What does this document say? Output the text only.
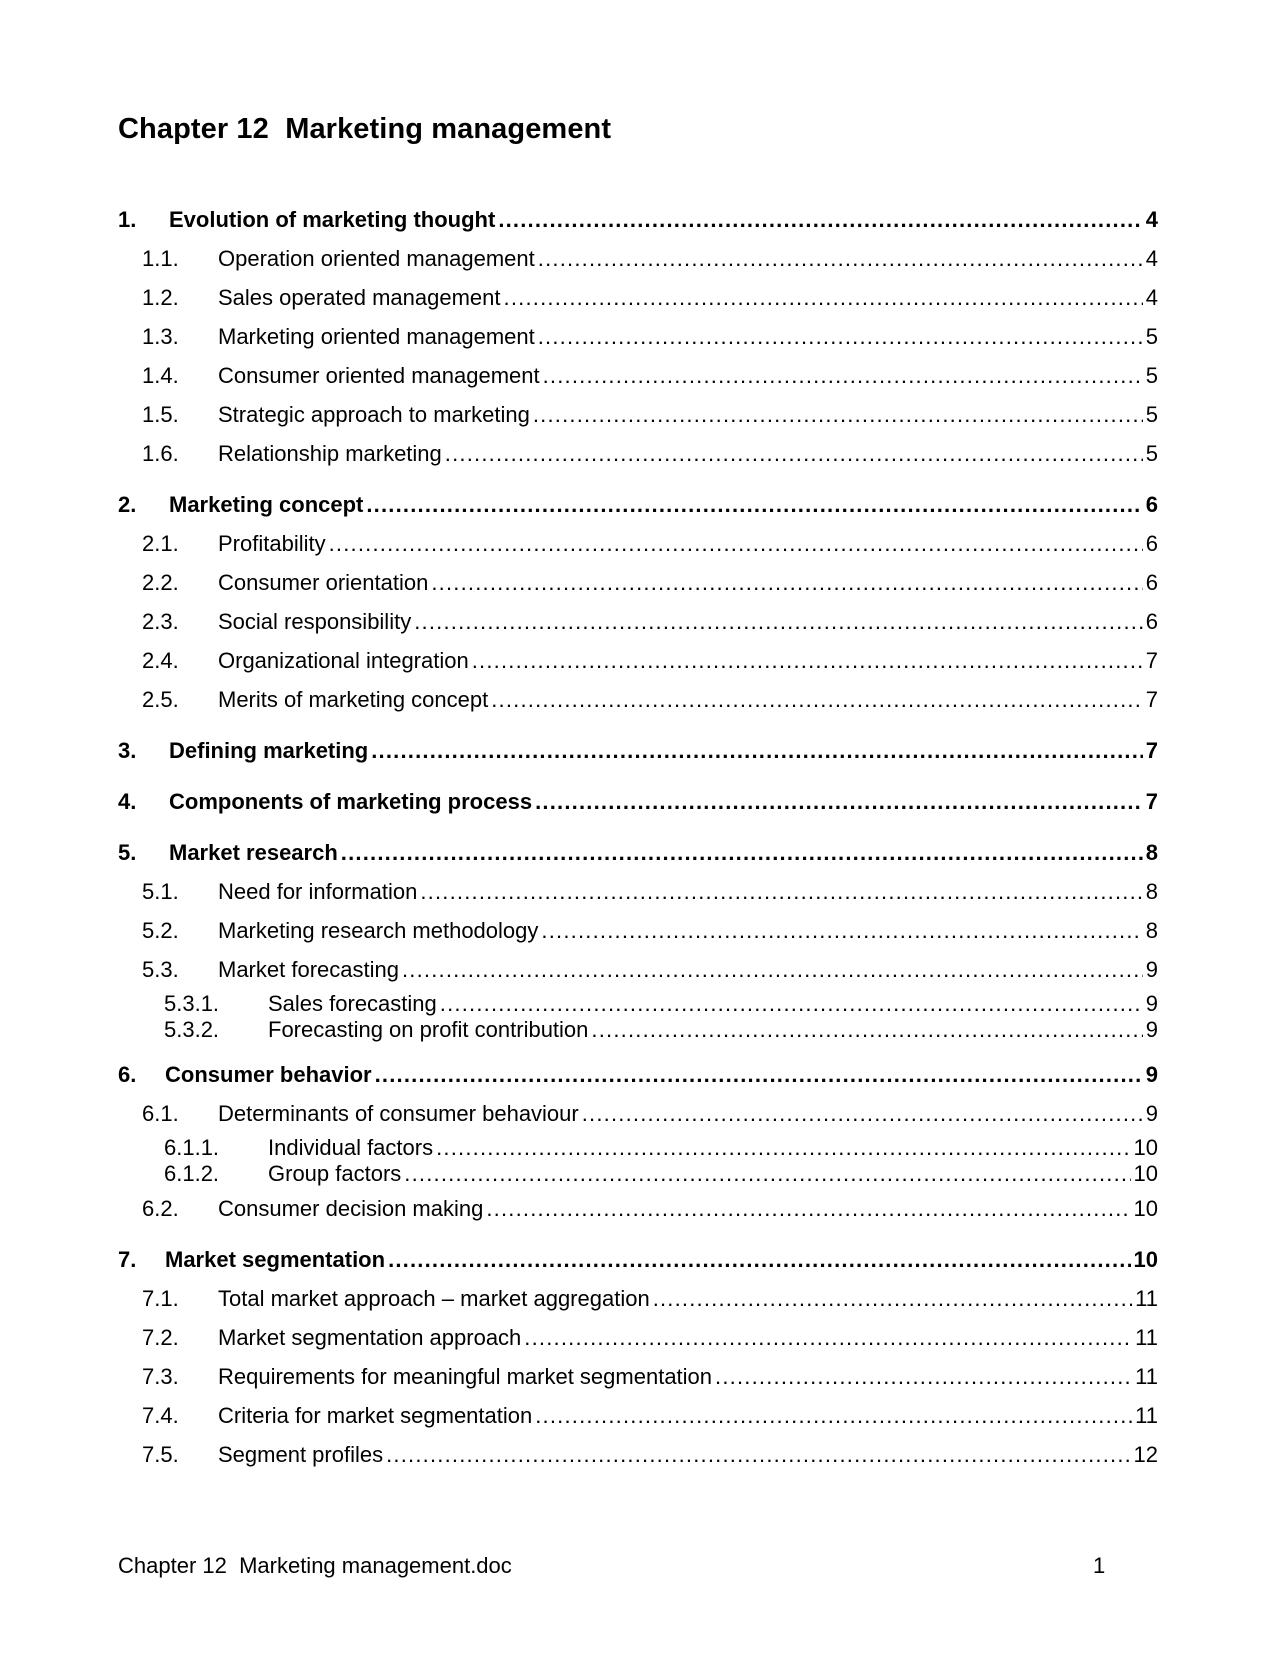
Chapter 12  Marketing management
1.	Evolution of marketing thought .....	4
1.1.	Operation oriented management .....	4
1.2.	Sales operated management .....	4
1.3.	Marketing oriented management .....	5
1.4.	Consumer oriented management .....	5
1.5.	Strategic approach to marketing .....	5
1.6.	Relationship marketing .....	5
2.	Marketing concept .....	6
2.1.	Profitability .....	6
2.2.	Consumer orientation .....	6
2.3.	Social responsibility .....	6
2.4.	Organizational integration .....	7
2.5.	Merits of marketing concept .....	7
3.	Defining marketing .....	7
4.	Components of marketing process .....	7
5.	Market research .....	8
5.1.	Need for information .....	8
5.2.	Marketing research methodology .....	8
5.3.	Market forecasting .....	9
5.3.1.	Sales forecasting .....	9
5.3.2.	Forecasting on profit contribution .....	9
6.	Consumer behavior .....	9
6.1.	Determinants of consumer behaviour .....	9
6.1.1.	Individual factors .....	10
6.1.2.	Group factors .....	10
6.2.	Consumer decision making .....	10
7.	Market segmentation .....	10
7.1.	Total market approach – market aggregation .....	11
7.2.	Market segmentation approach .....	11
7.3.	Requirements for meaningful market segmentation .....	11
7.4.	Criteria for market segmentation .....	11
7.5.	Segment profiles .....	12
Chapter 12  Marketing management.doc	1
